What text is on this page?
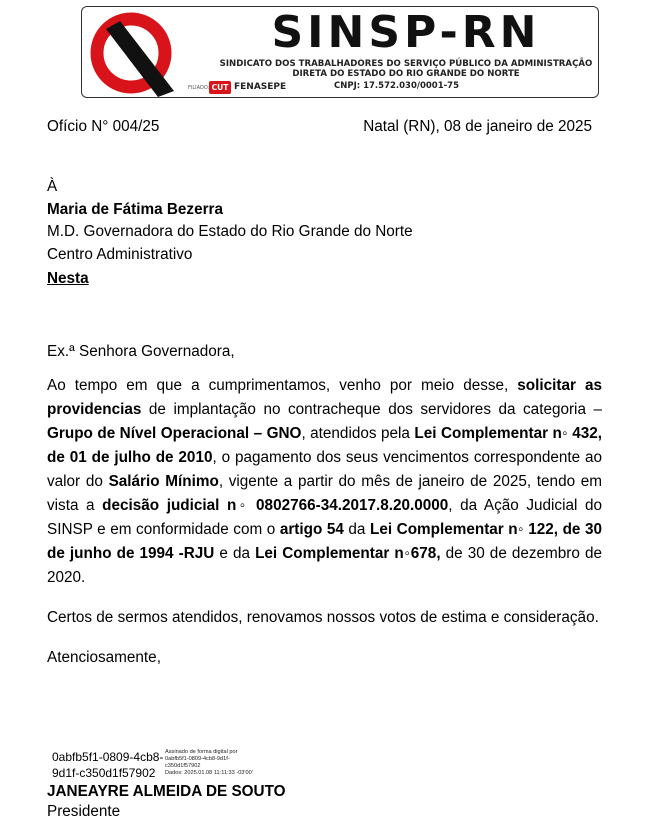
SINSP-RN
SINDICATO DOS TRABALHADORES DO SERVIÇO PÚBLICO DA ADMINISTRAÇÃO
DIRETA DO ESTADO DO RIO GRANDE DO NORTE
FILIADO: CUT FENASEPE	CNPJ: 17.572.030/0001-75
Ofício N° 004/25	Natal (RN), 08 de janeiro de 2025
À
Maria de Fátima Bezerra
M.D. Governadora do Estado do Rio Grande do Norte
Centro Administrativo
Nesta
Ex.ª Senhora Governadora,

Ao tempo em que a cumprimentamos, venho por meio desse, solicitar as providencias de implantação no contracheque dos servidores da categoria – Grupo de Nível Operacional – GNO, atendidos pela Lei Complementar n◦ 432, de 01 de julho de 2010, o pagamento dos seus vencimentos correspondente ao valor do Salário Mínimo, vigente a partir do mês de janeiro de 2025, tendo em vista a decisão judicial n◦ 0802766-34.2017.8.20.0000, da Ação Judicial do SINSP e em conformidade com o artigo 54 da Lei Complementar n◦ 122, de 30 de junho de 1994 -RJU e da Lei Complementar n◦678, de 30 de dezembro de 2020.

Certos de sermos atendidos, renovamos nossos votos de estima e consideração.

Atenciosamente,
0abfb5f1-0809-4cb8-
9d1f-c350d1f57902
Assinado de forma digital por
0abfb5f1-0809-4cb8-9d1f-
c350d1f57902
Dados: 2025.01.08 11:11:33 -03'00'
JANEAYRE ALMEIDA DE SOUTO
Presidente
